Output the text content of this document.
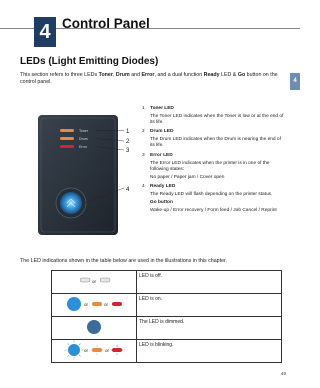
4 Control Panel
4
LEDs (Light Emitting Diodes)
This section refers to three LEDs Toner, Drum and Error, and a dual function Ready LED & Go button on the control panel.
Toner
Drum
Error
1
2
3
4
1 Toner LED
The Toner LED indicates when the Toner is low or at the end of its life.
2 Drum LED
The Drum LED indicates when the Drum is nearing the end of its life.
3 Error LED
The Error LED indicates when the printer is in one of the following states:
No paper / Paper jam / Cover open
4 Ready LED
The Ready LED will flash depending on the printer status.
Go button
Wake-up / Error recovery / Form feed / Job Cancel / Reprint
The LED indications shown in the table below are used in the illustrations in this chapter.
or	LED is off.

or or	LED is on.
	The LED is dimmed.

or or	LED is blinking.
49
